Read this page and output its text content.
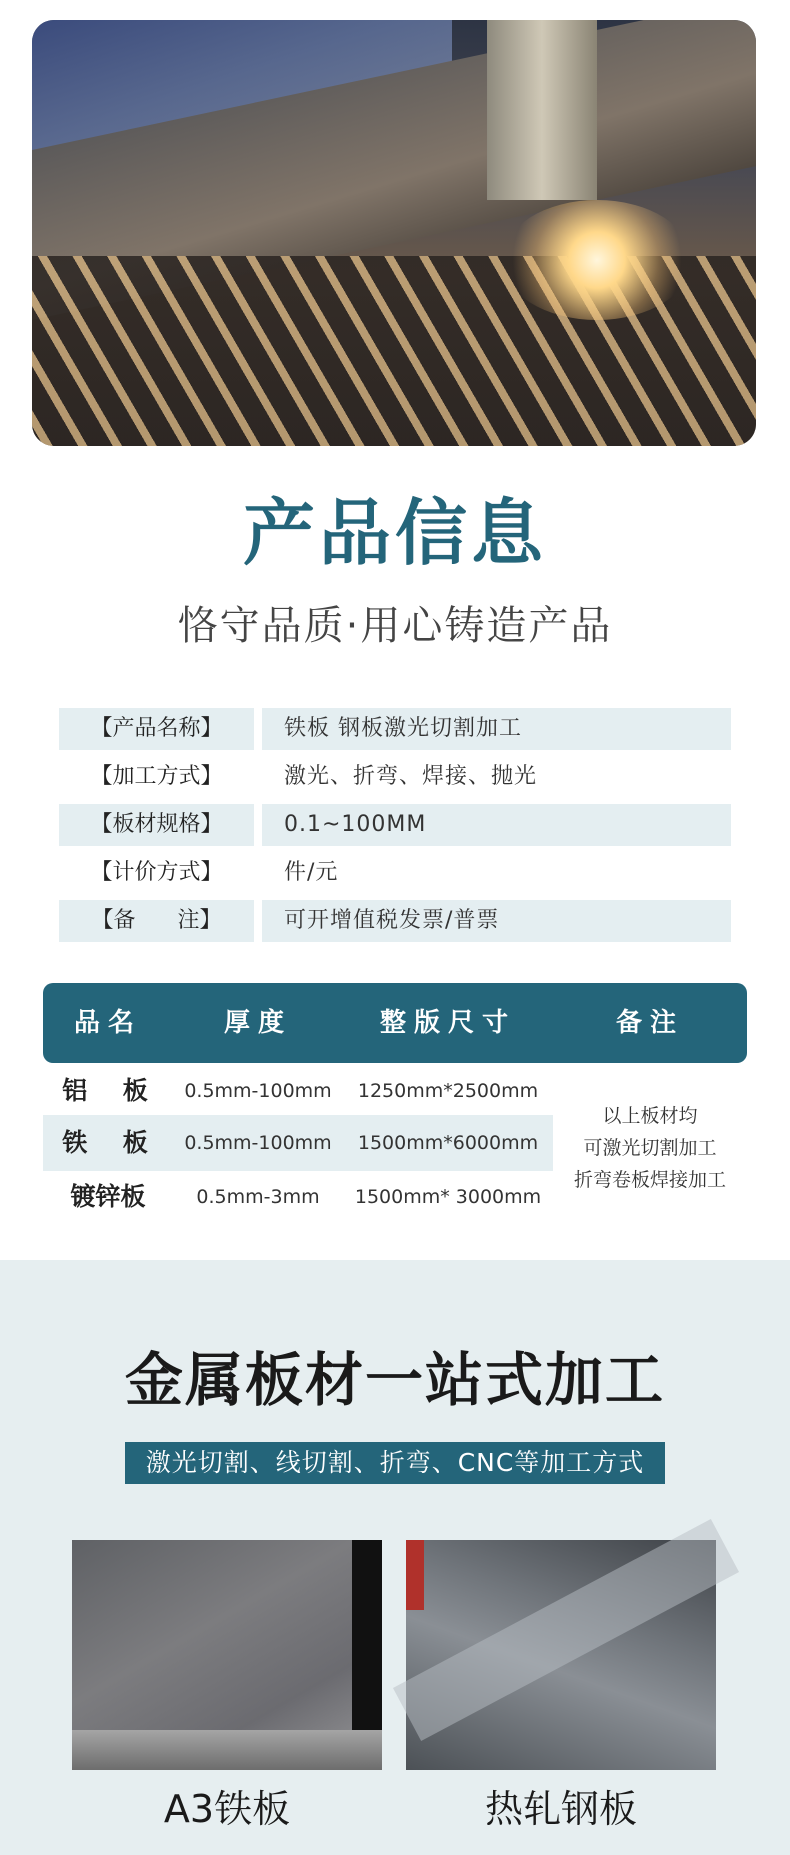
产品信息
恪守品质·用心铸造产品
【产品名称】	铁板 钢板激光切割加工
【加工方式】	激光、折弯、焊接、抛光
【板材规格】	0.1~100MM
【计价方式】	件/元
【备      注】	可开增值税发票/普票
品名	厚度	整版尺寸	备注
铝  板	0.5mm-100mm	1250mm*2500mm
铁  板	0.5mm-100mm	1500mm*6000mm
镀锌板	0.5mm-3mm	1500mm* 3000mm
以上板材均
可激光切割加工
折弯卷板焊接加工
金属板材一站式加工
激光切割、线切割、折弯、CNC等加工方式
A3铁板	热轧钢板
